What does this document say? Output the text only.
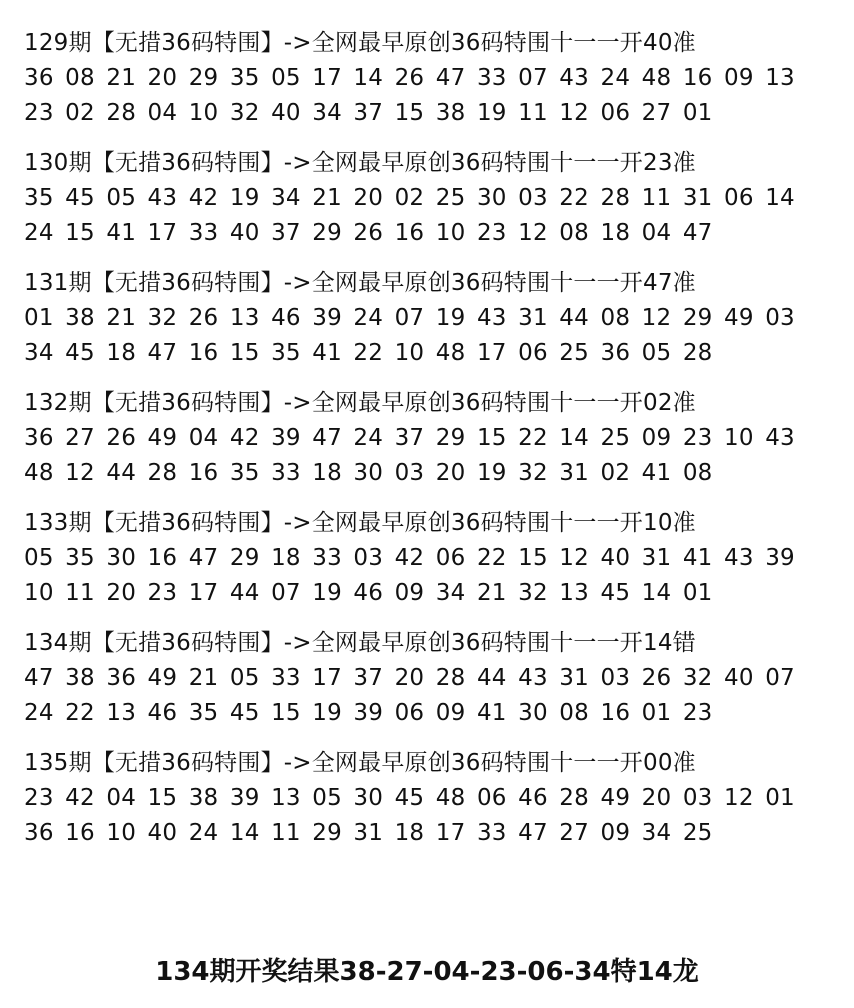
129期【无措36码特围】->全网最早原创36码特围十一一开40准
36 08 21 20 29 35 05 17 14 26 47 33 07 43 24 48 16 09 13
23 02 28 04 10 32 40 34 37 15 38 19 11 12 06 27 01
130期【无措36码特围】->全网最早原创36码特围十一一开23准
35 45 05 43 42 19 34 21 20 02 25 30 03 22 28 11 31 06 14
24 15 41 17 33 40 37 29 26 16 10 23 12 08 18 04 47
131期【无措36码特围】->全网最早原创36码特围十一一开47准
01 38 21 32 26 13 46 39 24 07 19 43 31 44 08 12 29 49 03
34 45 18 47 16 15 35 41 22 10 48 17 06 25 36 05 28
132期【无措36码特围】->全网最早原创36码特围十一一开02准
36 27 26 49 04 42 39 47 24 37 29 15 22 14 25 09 23 10 43
48 12 44 28 16 35 33 18 30 03 20 19 32 31 02 41 08
133期【无措36码特围】->全网最早原创36码特围十一一开10准
05 35 30 16 47 29 18 33 03 42 06 22 15 12 40 31 41 43 39
10 11 20 23 17 44 07 19 46 09 34 21 32 13 45 14 01
134期【无措36码特围】->全网最早原创36码特围十一一开14错
47 38 36 49 21 05 33 17 37 20 28 44 43 31 03 26 32 40 07
24 22 13 46 35 45 15 19 39 06 09 41 30 08 16 01 23
135期【无措36码特围】->全网最早原创36码特围十一一开00准
23 42 04 15 38 39 13 05 30 45 48 06 46 28 49 20 03 12 01
36 16 10 40 24 14 11 29 31 18 17 33 47 27 09 34 25
134期开奖结果38-27-04-23-06-34特14龙
